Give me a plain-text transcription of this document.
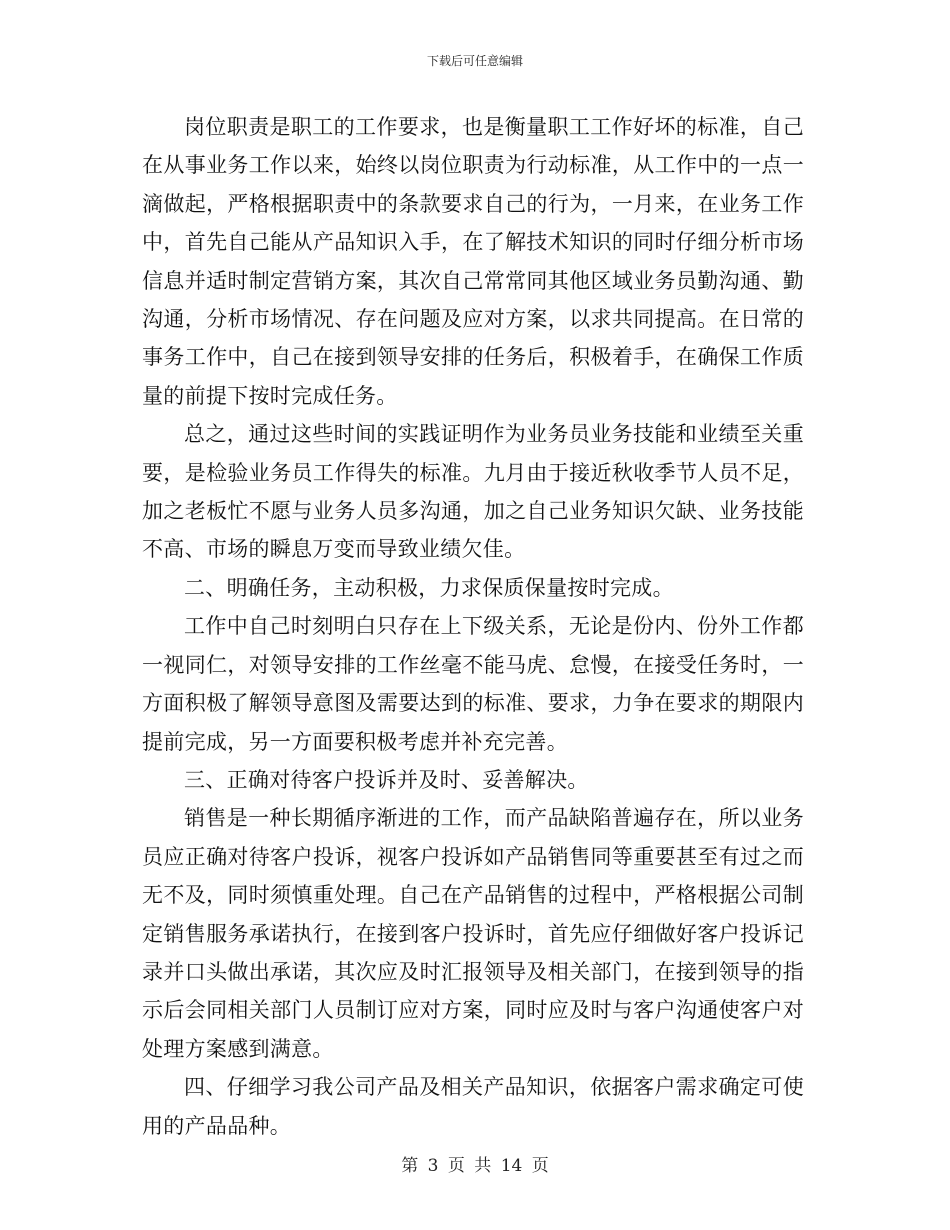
下载后可任意编辑

岗位职责是职工的工作要求，也是衡量职工工作好坏的标准，自己在从事业务工作以来，始终以岗位职责为行动标准，从工作中的一点一滴做起，严格根据职责中的条款要求自己的行为，一月来，在业务工作中，首先自己能从产品知识入手，在了解技术知识的同时仔细分析市场信息并适时制定营销方案，其次自己常常同其他区域业务员勤沟通、勤沟通，分析市场情况、存在问题及应对方案，以求共同提高。在日常的事务工作中，自己在接到领导安排的任务后，积极着手，在确保工作质量的前提下按时完成任务。

总之，通过这些时间的实践证明作为业务员业务技能和业绩至关重要，是检验业务员工作得失的标准。九月由于接近秋收季节人员不足，加之老板忙不愿与业务人员多沟通，加之自己业务知识欠缺、业务技能不高、市场的瞬息万变而导致业绩欠佳。

二、明确任务，主动积极，力求保质保量按时完成。

工作中自己时刻明白只存在上下级关系，无论是份内、份外工作都一视同仁，对领导安排的工作丝毫不能马虎、怠慢，在接受任务时，一方面积极了解领导意图及需要达到的标准、要求，力争在要求的期限内提前完成，另一方面要积极考虑并补充完善。

三、正确对待客户投诉并及时、妥善解决。

销售是一种长期循序渐进的工作，而产品缺陷普遍存在，所以业务员应正确对待客户投诉，视客户投诉如产品销售同等重要甚至有过之而无不及，同时须慎重处理。自己在产品销售的过程中，严格根据公司制定销售服务承诺执行，在接到客户投诉时，首先应仔细做好客户投诉记录并口头做出承诺，其次应及时汇报领导及相关部门，在接到领导的指示后会同相关部门人员制订应对方案，同时应及时与客户沟通使客户对处理方案感到满意。

四、仔细学习我公司产品及相关产品知识，依据客户需求确定可使用的产品品种。

第 3 页 共 14 页
